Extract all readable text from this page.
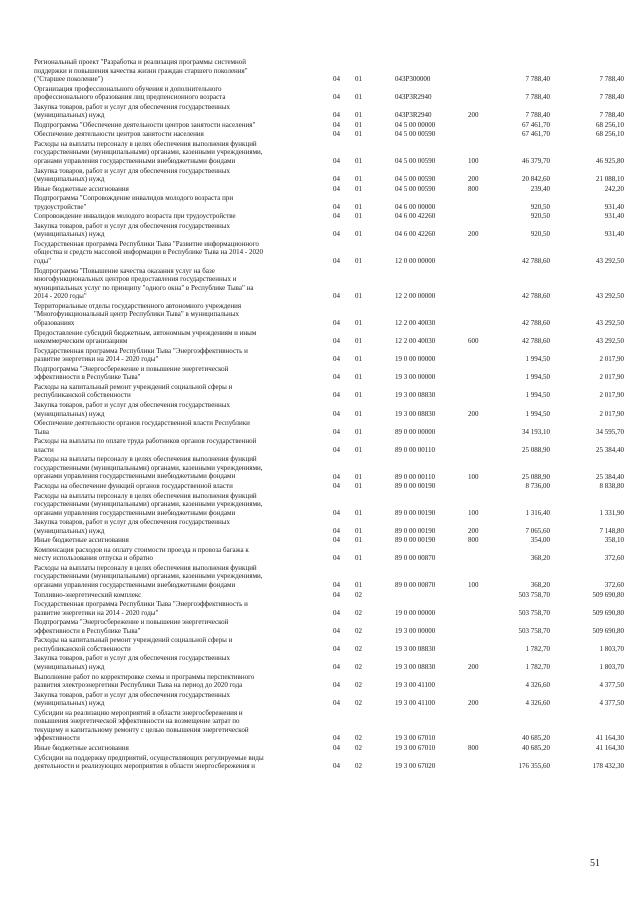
Региональный проект "Разработка и реализация программы системной
поддержки и повышения качества жизни граждан старшего поколения"
("Старшее поколение")	04 01	043P300000	7 788,40	7 788,40
Организация профессионального обучения и дополнительного
профессионального образования лиц предпенсионного возраста	04 01	043P3R2940	7 788,40	7 788,40
Закупка товаров, работ и услуг для обеспечения государственных
(муниципальных) нужд	04 01	043P3R2940	200	7 788,40	7 788,40
Подпрограмма "Обеспечение деятельности центров занятости населения"	04 01	04 5 00 00000	67 461,70	68 256,10
Обеспечение деятельности центров занятости населения	04 01	04 5 00 00590	67 461,70	68 256,10
Расходы на выплаты персоналу в целях обеспечения выполнения функций
государственными (муниципальными) органами, казенными учреждениями,
органами управления государственными внебюджетными фондами	04 01	04 5 00 00590	100	46 379,70	46 925,80
Закупка товаров, работ и услуг для обеспечения государственных
(муниципальных) нужд	04 01	04 5 00 00590	200	20 842,60	21 088,10
Иные бюджетные ассигнования	04 01	04 5 00 00590	800	239,40	242,20
Подпрограмма "Сопровождение инвалидов молодого возраста при
трудоустройстве"	04 01	04 6 00 00000	920,50	931,40
Сопровождение инвалидов молодого возраста при трудоустройстве	04 01	04 6 00 42260	920,50	931,40
Закупка товаров, работ и услуг для обеспечения государственных
(муниципальных) нужд	04 01	04 6 00 42260	200	920,50	931,40
Государственная программа Республики Тыва "Развитие информационного
общества и средств массовой информации в Республике Тыва на 2014 - 2020
годы"	04 01	12 0 00 00000	42 788,60	43 292,50
Подпрограмма "Повышение качества оказания услуг на базе
многофункциональных центров предоставления государственных и
муниципальных услуг по принципу "одного окна" в Республике Тыва" на
2014 - 2020 годы"	04 01	12 2 00 00000	42 788,60	43 292,50
Территориальные отделы государственного автономного учреждения
"Многофункциональный центр Республики Тыва" в муниципальных
образованиях	04 01	12 2 00 40030	42 788,60	43 292,50
Предоставление субсидий бюджетным, автономным учреждениям и иным
некоммерческим организациям	04 01	12 2 00 40030	600	42 788,60	43 292,50
Государственная программа Республики Тыва "Энергоэффективность и
развитие энергетики на 2014 - 2020 годы"	04 01	19 0 00 00000	1 994,50	2 017,90
Подпрограмма "Энергосбережение и повышение энергетической
эффективности в Республике Тыва"	04 01	19 3 00 00000	1 994,50	2 017,90
Расходы на капитальный ремонт учреждений социальной сферы и
республиканской собственности	04 01	19 3 00 08830	1 994,50	2 017,90
Закупка товаров, работ и услуг для обеспечения государственных
(муниципальных) нужд	04 01	19 3 00 08830	200	1 994,50	2 017,90
Обеспечение деятельности органов государственной власти Республики
Тыва	04 01	89 0 00 00000	34 193,10	34 595,70
Расходы на выплаты по оплате труда работников органов государственной
власти	04 01	89 0 00 00110	25 088,90	25 384,40
Расходы на выплаты персоналу в целях обеспечения выполнения функций
государственными (муниципальными) органами, казенными учреждениями,
органами управления государственными внебюджетными фондами	04 01	89 0 00 00110	100	25 088,90	25 384,40
Расходы на обеспечение функций органов государственной власти	04 01	89 0 00 00190	8 736,00	8 838,80
Расходы на выплаты персоналу в целях обеспечения выполнения функций
государственными (муниципальными) органами, казенными учреждениями,
органами управления государственными внебюджетными фондами	04 01	89 0 00 00190	100	1 316,40	1 331,90
Закупка товаров, работ и услуг для обеспечения государственных
(муниципальных) нужд	04 01	89 0 00 00190	200	7 065,60	7 148,80
Иные бюджетные ассигнования	04 01	89 0 00 00190	800	354,00	358,10
Компенсация расходов на оплату стоимости проезда и провоза багажа к
месту использования отпуска и обратно	04 01	89 0 00 00870	368,20	372,60
Расходы на выплаты персоналу в целях обеспечения выполнения функций
государственными (муниципальными) органами, казенными учреждениями,
органами управления государственными внебюджетными фондами	04 01	89 0 00 00870	100	368,20	372,60
Топливно-энергетический комплекс	04 02	503 758,70	509 690,80
Государственная программа Республики Тыва "Энергоэффективность и
развитие энергетики на 2014 - 2020 годы"	04 02	19 0 00 00000	503 758,70	509 690,80
Подпрограмма "Энергосбережение и повышение энергетической
эффективности в Республике Тыва"	04 02	19 3 00 00000	503 758,70	509 690,80
Расходы на капитальный ремонт учреждений социальной сферы и
республиканской собственности	04 02	19 3 00 08830	1 782,70	1 803,70
Закупка товаров, работ и услуг для обеспечения государственных
(муниципальных) нужд	04 02	19 3 00 08830	200	1 782,70	1 803,70
Выполнение работ по корректировке схемы и программы перспективного
развития электроэнергетики Республики Тыва на период до 2020 года	04 02	19 3 00 41100	4 326,60	4 377,50
Закупка товаров, работ и услуг для обеспечения государственных
(муниципальных) нужд	04 02	19 3 00 41100	200	4 326,60	4 377,50
Субсидии на реализацию мероприятий в области энергосбережения и
повышения энергетической эффективности на возмещение затрат по
текущему и капитальному ремонту с целью повышения энергетической
эффективности	04 02	19 3 00 67010	40 685,20	41 164,30
Иные бюджетные ассигнования	04 02	19 3 00 67010	800	40 685,20	41 164,30
Субсидии на поддержку предприятий, осуществляющих регулируемые виды
деятельности и реализующих мероприятия в области энергосбережения и	04 02	19 3 00 67020	176 355,60	178 432,30
51
